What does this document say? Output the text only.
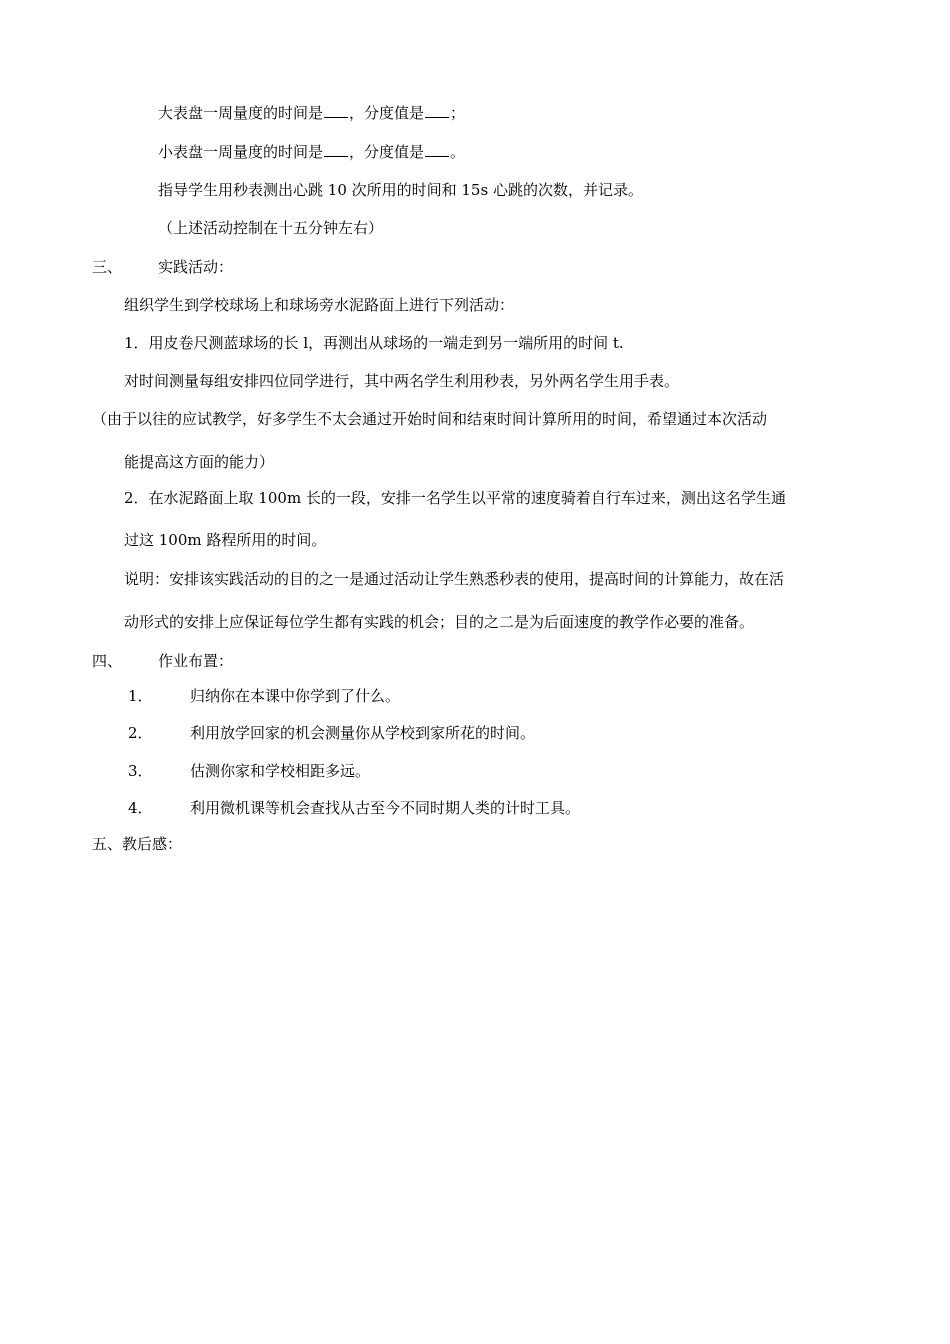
大表盘一周量度的时间是 ，分度值是 ；
小表盘一周量度的时间是 ，分度值是 。
指导学生用秒表测出心跳 10 次所用的时间和 15s 心跳的次数，并记录。
（上述活动控制在十五分钟左右）
三、 实践活动：
组织学生到学校球场上和球场旁水泥路面上进行下列活动：
1．用皮卷尺测蓝球场的长 l，再测出从球场的一端走到另一端所用的时间 t.
对时间测量每组安排四位同学进行，其中两名学生利用秒表，另外两名学生用手表。
（由于以往的应试教学，好多学生不太会通过开始时间和结束时间计算所用的时间，希望通过本次活动
能提高这方面的能力）
2．在水泥路面上取 100m 长的一段，安排一名学生以平常的速度骑着自行车过来，测出这名学生通
过这 100m 路程所用的时间。
说明：安排该实践活动的目的之一是通过活动让学生熟悉秒表的使用，提高时间的计算能力，故在活
动形式的安排上应保证每位学生都有实践的机会；目的之二是为后面速度的教学作必要的准备。
四、 作业布置：
1． 归纳你在本课中你学到了什么。
2． 利用放学回家的机会测量你从学校到家所花的时间。
3． 估测你家和学校相距多远。
4． 利用微机课等机会查找从古至今不同时期人类的计时工具。
五、教后感：
